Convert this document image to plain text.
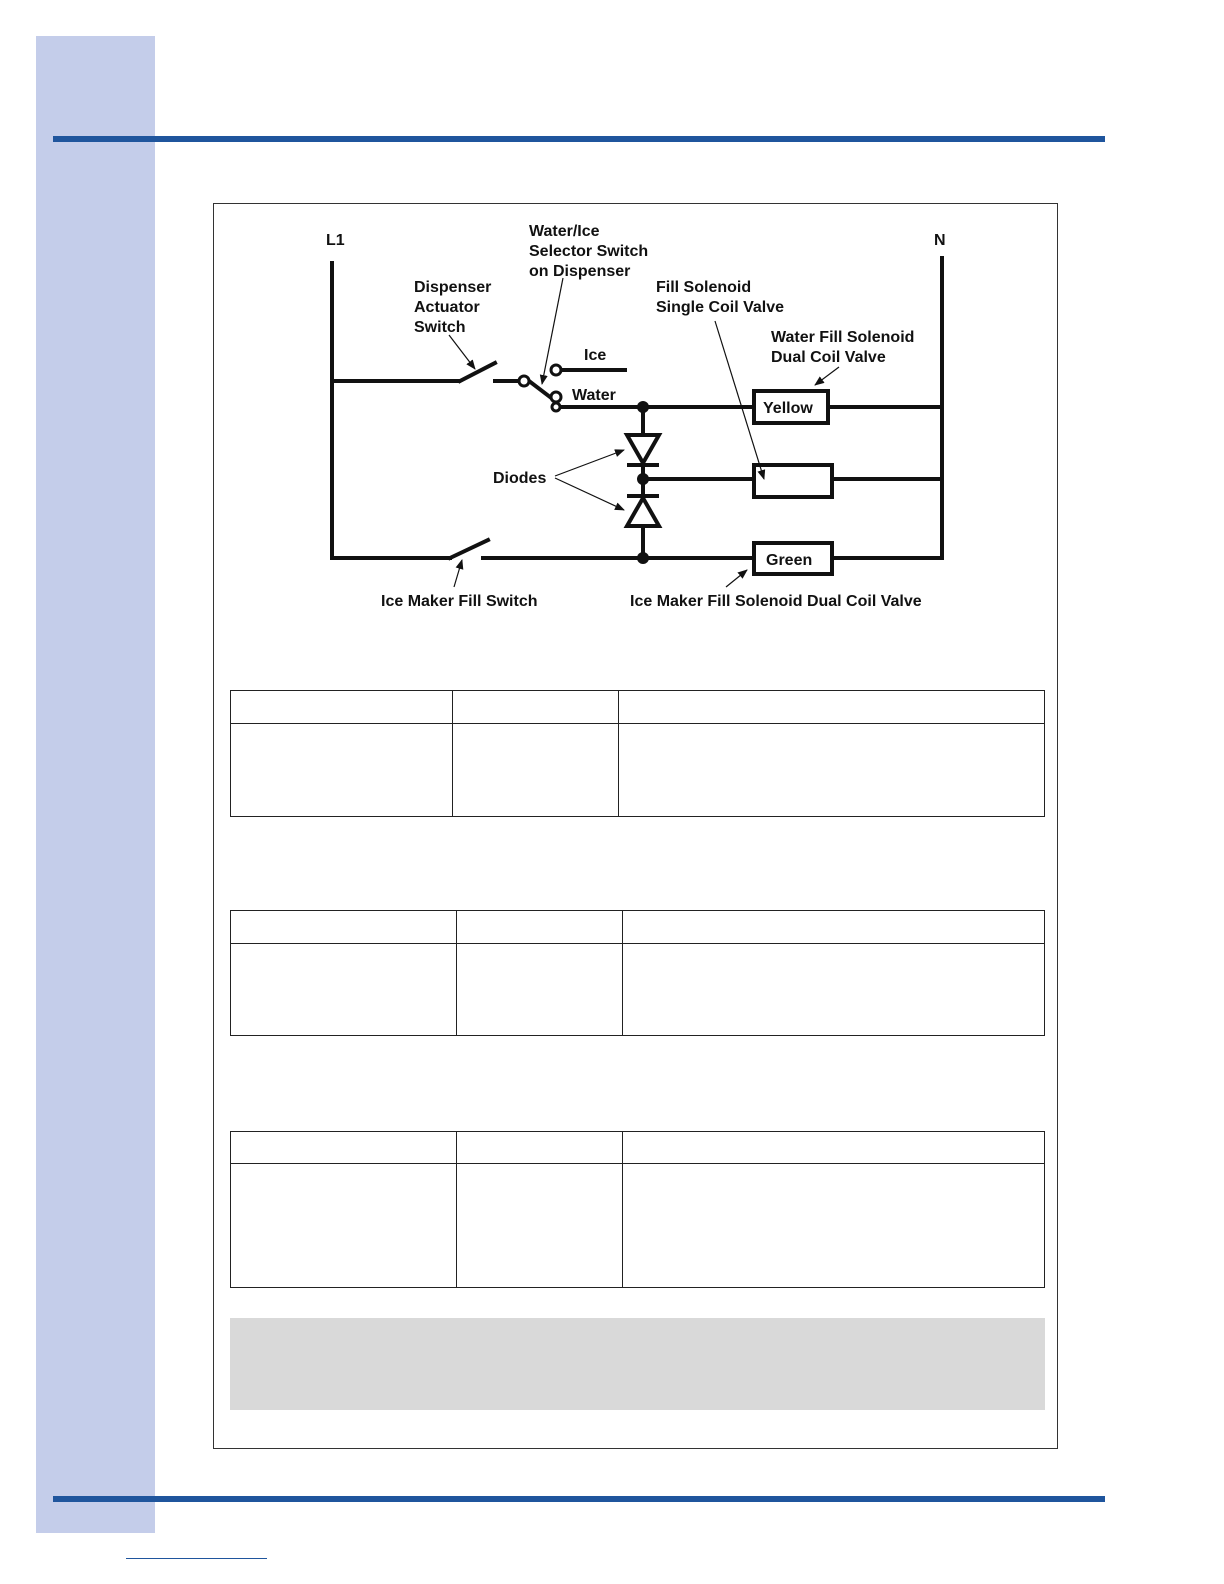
L1	N
Water/Ice
Selector Switch
on Dispenser
Dispenser
Actuator
Switch
Fill Solenoid
Single Coil Valve
Water Fill Solenoid
Dual Coil Valve
Ice
Water
Yellow
Diodes
Green
Ice Maker Fill Switch	Ice Maker Fill Solenoid Dual Coil Valve
